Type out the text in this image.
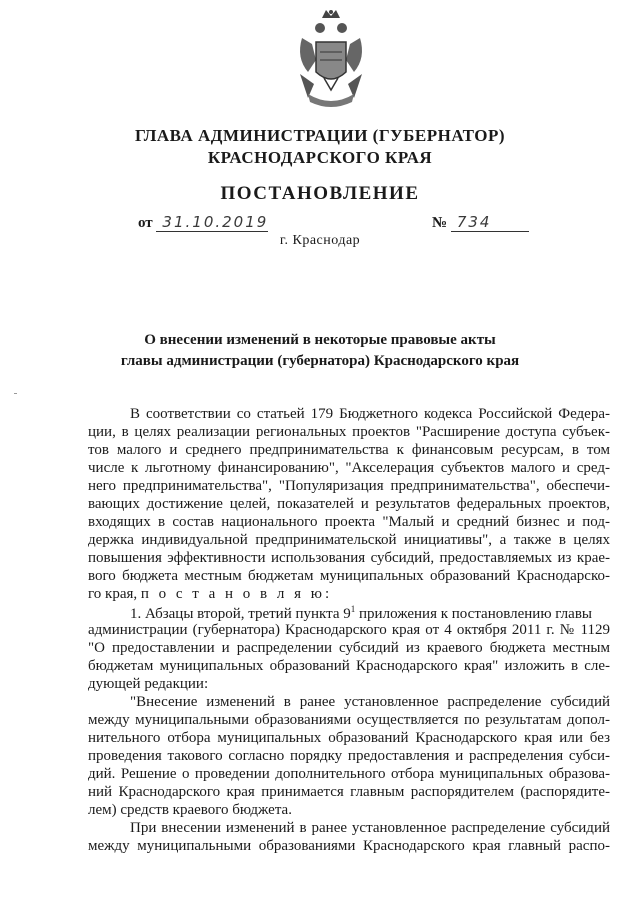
ГЛАВА АДМИНИСТРАЦИИ (ГУБЕРНАТОР)
КРАСНОДАРСКОГО КРАЯ
ПОСТАНОВЛЕНИЕ
от 31.10.2019	№ 734
г. Краснодар
О внесении изменений в некоторые правовые акты
главы администрации (губернатора) Краснодарского края
В соответствии со статьей 179 Бюджетного кодекса Российской Федера-
ции, в целях реализации региональных проектов "Расширение доступа субъек-
тов малого и среднего предпринимательства к финансовым ресурсам, в том
числе к льготному финансированию", "Акселерация субъектов малого и сред-
него предпринимательства", "Популяризация предпринимательства", обеспечи-
вающих достижение целей, показателей и результатов федеральных проектов,
входящих в состав национального проекта "Малый и средний бизнес и под-
держка индивидуальной предпринимательской инициативы", а также в целях
повышения эффективности использования субсидий, предоставляемых из крае-
вого бюджета местным бюджетам муниципальных образований Краснодарско-
го края, п о с т а н о в л я ю:
1. Абзацы второй, третий пункта $9^1$ приложения к постановлению главы
администрации (губернатора) Краснодарского края от 4 октября 2011 г. № 1129
"О предоставлении и распределении субсидий из краевого бюджета местным
бюджетам муниципальных образований Краснодарского края" изложить в сле-
дующей редакции:
"Внесение изменений в ранее установленное распределение субсидий
между муниципальными образованиями осуществляется по результатам допол-
нительного отбора муниципальных образований Краснодарского края или без
проведения такового согласно порядку предоставления и распределения субси-
дий. Решение о проведении дополнительного отбора муниципальных образова-
ний Краснодарского края принимается главным распорядителем (распорядите-
лем) средств краевого бюджета.
При внесении изменений в ранее установленное распределение субсидий
между муниципальными образованиями Краснодарского края главный распо-
